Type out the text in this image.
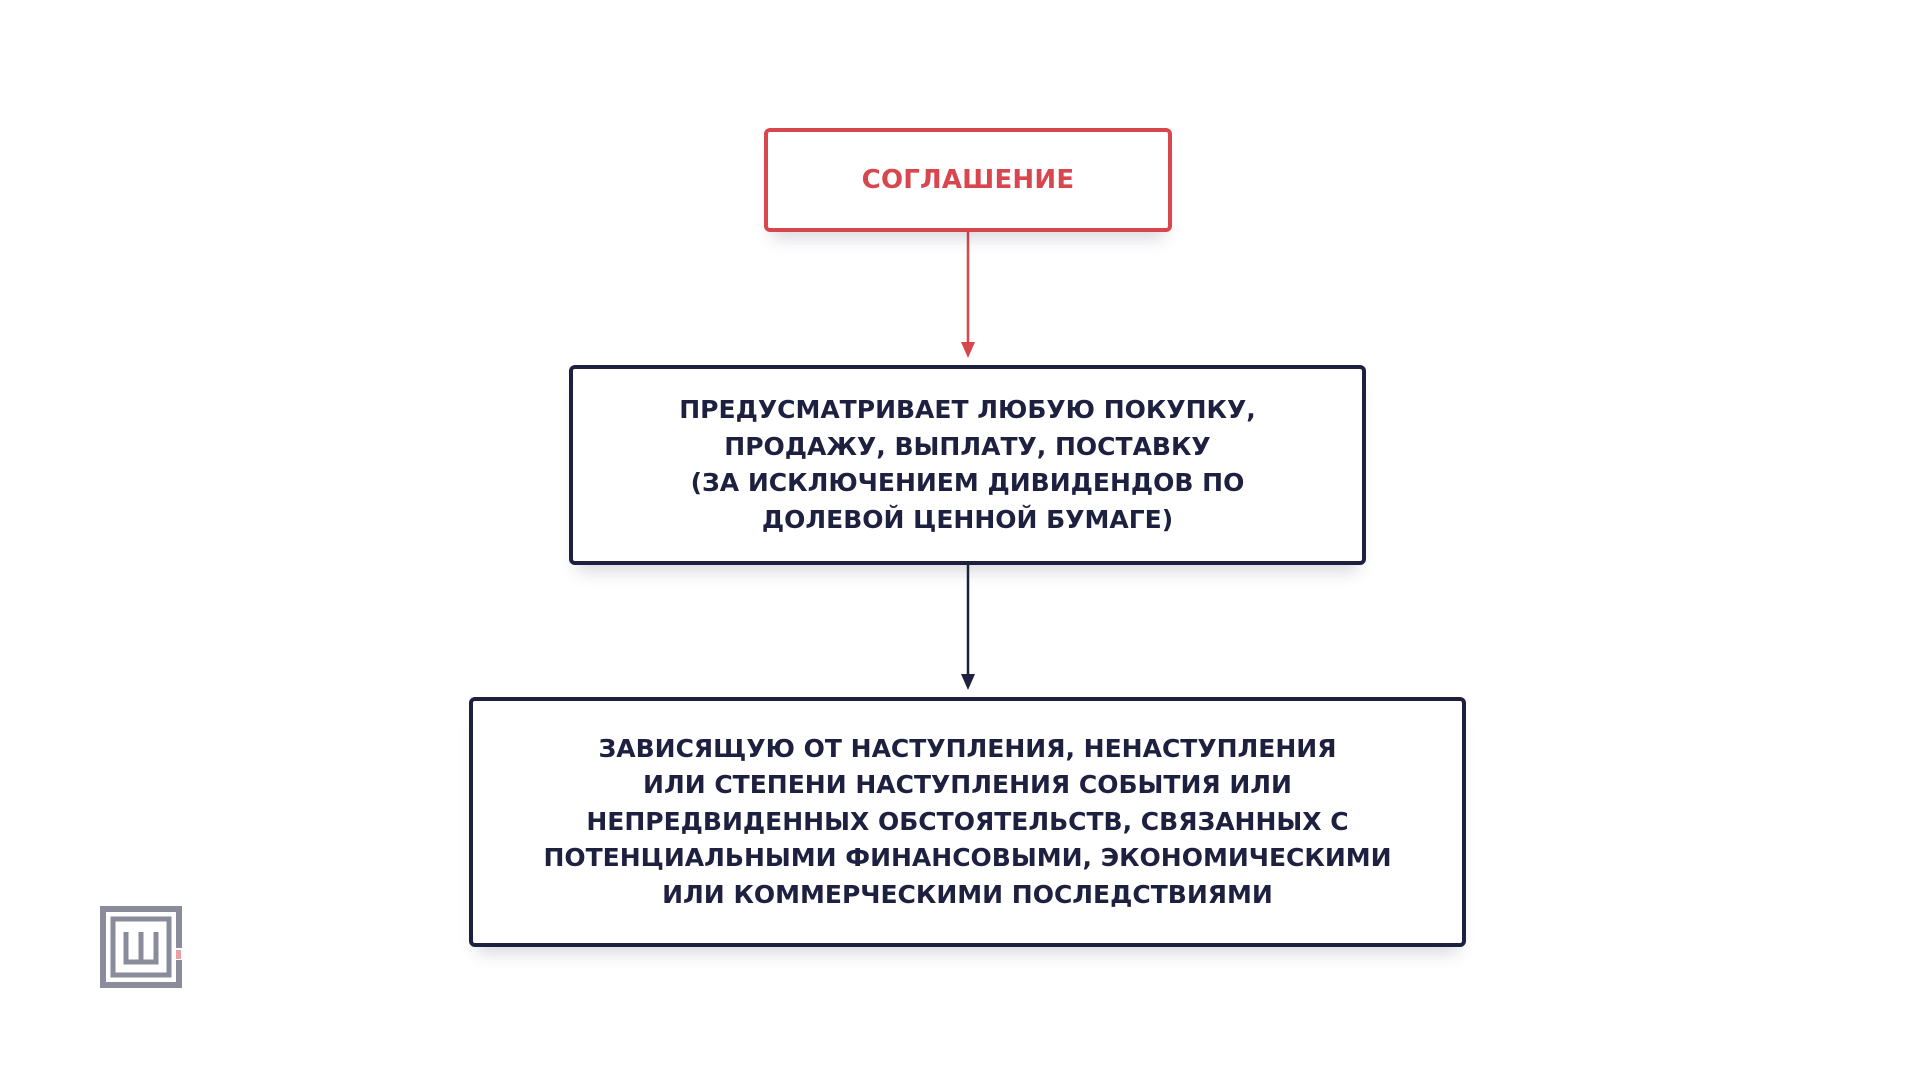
СОГЛАШЕНИЕ
ПРЕДУСМАТРИВАЕТ ЛЮБУЮ ПОКУПКУ,
ПРОДАЖУ, ВЫПЛАТУ, ПОСТАВКУ
(ЗА ИСКЛЮЧЕНИЕМ ДИВИДЕНДОВ ПО
ДОЛЕВОЙ ЦЕННОЙ БУМАГЕ)
ЗАВИСЯЩУЮ ОТ НАСТУПЛЕНИЯ, НЕНАСТУПЛЕНИЯ
ИЛИ СТЕПЕНИ НАСТУПЛЕНИЯ СОБЫТИЯ ИЛИ
НЕПРЕДВИДЕННЫХ ОБСТОЯТЕЛЬСТВ, СВЯЗАННЫХ С
ПОТЕНЦИАЛЬНЫМИ ФИНАНСОВЫМИ, ЭКОНОМИЧЕСКИМИ
ИЛИ КОММЕРЧЕСКИМИ ПОСЛЕДСТВИЯМИ
